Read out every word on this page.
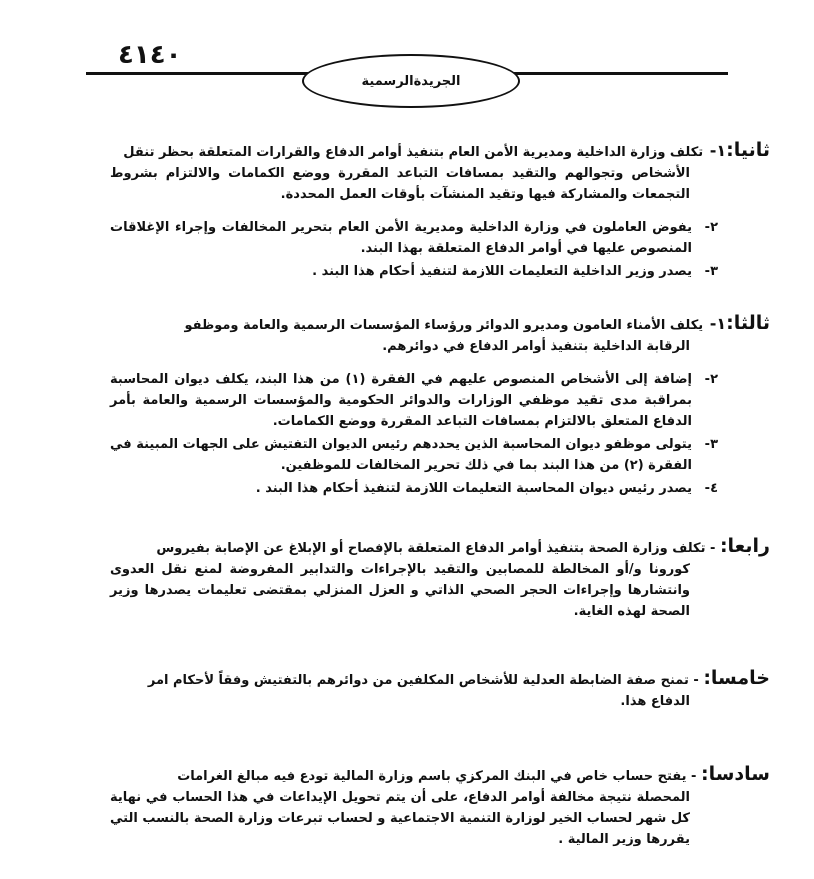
٤١٤٠
الجريدةالرسمية
ثانيا:١- تكلف وزارة الداخلية ومديرية الأمن العام بتنفيذ أوامر الدفاع والقرارات المتعلقة بحظر تنقل
الأشخاص وتجوالهم والتقيد بمسافات التباعد المقررة ووضع الكمامات والالتزام بشروط التجمعات والمشاركة فيها وتقيد المنشآت بأوقات العمل المحددة.
٢-
يفوض العاملون في وزارة الداخلية ومديرية الأمن العام بتحرير المخالفات وإجراء الإغلاقات المنصوص عليها في أوامر الدفاع المتعلقة بهذا البند.
٣-
يصدر وزير الداخلية التعليمات اللازمة لتنفيذ أحكام هذا البند .
ثالثا:١- يكلف الأمناء العامون ومديرو الدوائر ورؤساء المؤسسات الرسمية والعامة وموظفو
الرقابة الداخلية بتنفيذ أوامر الدفاع في دوائرهم.
٢-
إضافة إلى الأشخاص المنصوص عليهم في الفقرة (١) من هذا البند، يكلف ديوان المحاسبة بمراقبة مدى تقيد موظفي الوزارات والدوائر الحكومية والمؤسسات الرسمية والعامة بأمر الدفاع المتعلق بالالتزام بمسافات التباعد المقررة ووضع الكمامات.
٣-
يتولى موظفو ديوان المحاسبة الذين يحددهم رئيس الديوان التفتيش على الجهات المبينة في الفقرة (٢) من هذا البند بما في ذلك تحرير المخالفات للموظفين.
٤-
يصدر رئيس ديوان المحاسبة التعليمات اللازمة لتنفيذ أحكام هذا البند .
رابعا: - تكلف وزارة الصحة بتنفيذ أوامر الدفاع المتعلقة بالإفصاح أو الإبلاغ عن الإصابة بفيروس
كورونا و/أو المخالطة للمصابين والتقيد بالإجراءات والتدابير المفروضة لمنع نقل العدوى وانتشارها وإجراءات الحجر الصحي الذاتي و العزل المنزلي بمقتضى تعليمات يصدرها وزير الصحة لهذه الغاية.
خامسا: - تمنح صفة الضابطة العدلية للأشخاص المكلفين من دوائرهم بالتفتيش وفقاً لأحكام امر
الدفاع هذا.
سادسا: - يفتح حساب خاص في البنك المركزي باسم وزارة المالية تودع فيه مبالغ الغرامات
المحصلة نتيجة مخالفة أوامر الدفاع، على أن يتم تحويل الإيداعات في هذا الحساب في نهاية كل شهر لحساب الخير لوزارة التنمية الاجتماعية و لحساب تبرعات وزارة الصحة بالنسب التي يقررها وزير المالية .
